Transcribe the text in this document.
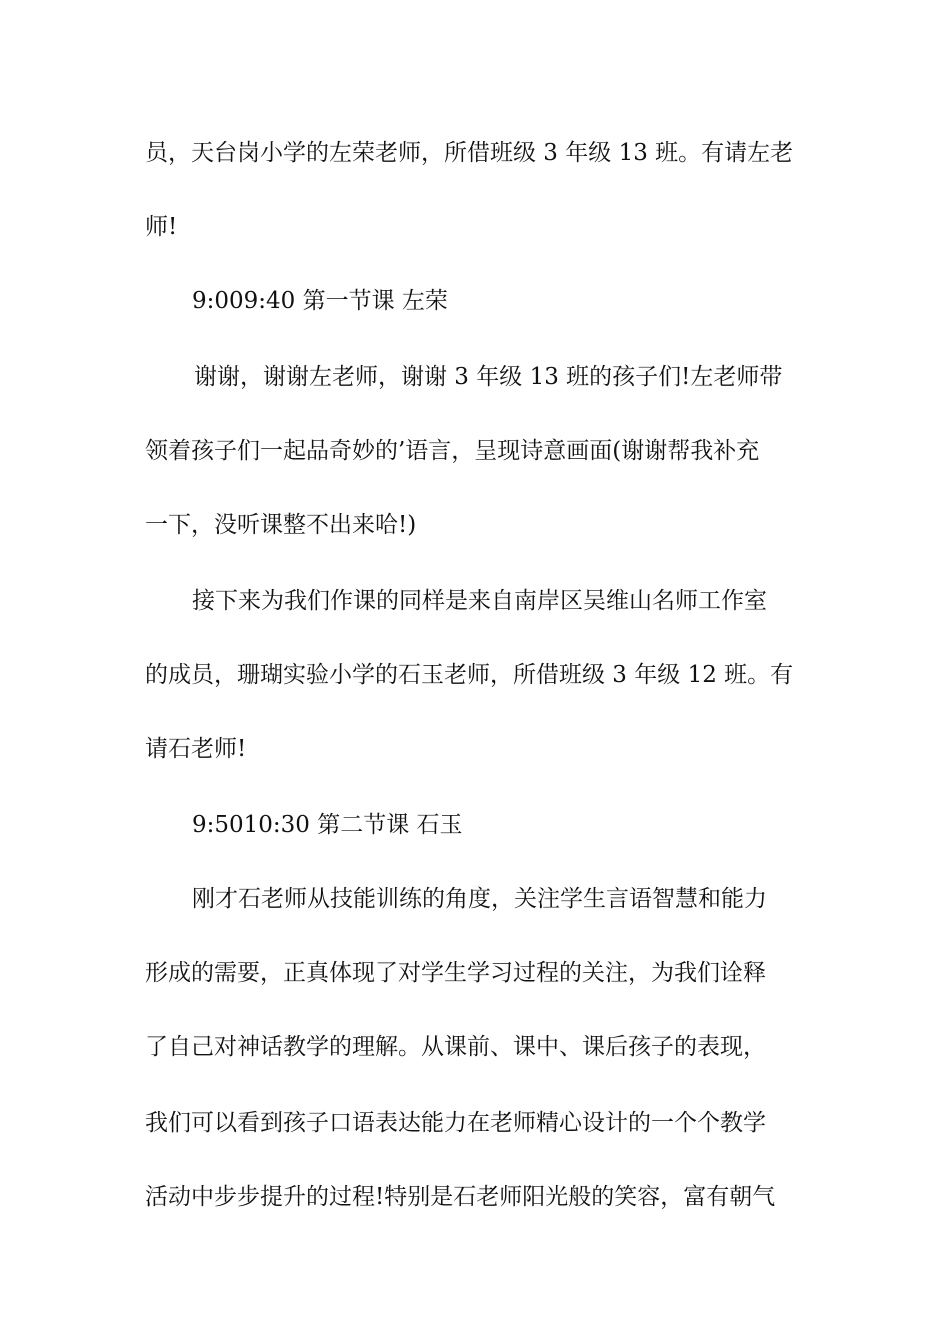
员，天台岗小学的左荣老师，所借班级 3 年级 13 班。有请左老
师!
9:009:40 第一节课 左荣
谢谢，谢谢左老师，谢谢 3 年级 13 班的孩子们!左老师带
领着孩子们一起品奇妙的’语言，呈现诗意画面(谢谢帮我补充
一下，没听课整不出来哈!)
接下来为我们作课的同样是来自南岸区吴维山名师工作室
的成员，珊瑚实验小学的石玉老师，所借班级 3 年级 12 班。有
请石老师!
9:5010:30 第二节课 石玉
刚才石老师从技能训练的角度，关注学生言语智慧和能力
形成的需要，正真体现了对学生学习过程的关注，为我们诠释
了自己对神话教学的理解。从课前、课中、课后孩子的表现，
我们可以看到孩子口语表达能力在老师精心设计的一个个教学
活动中步步提升的过程!特别是石老师阳光般的笑容，富有朝气
